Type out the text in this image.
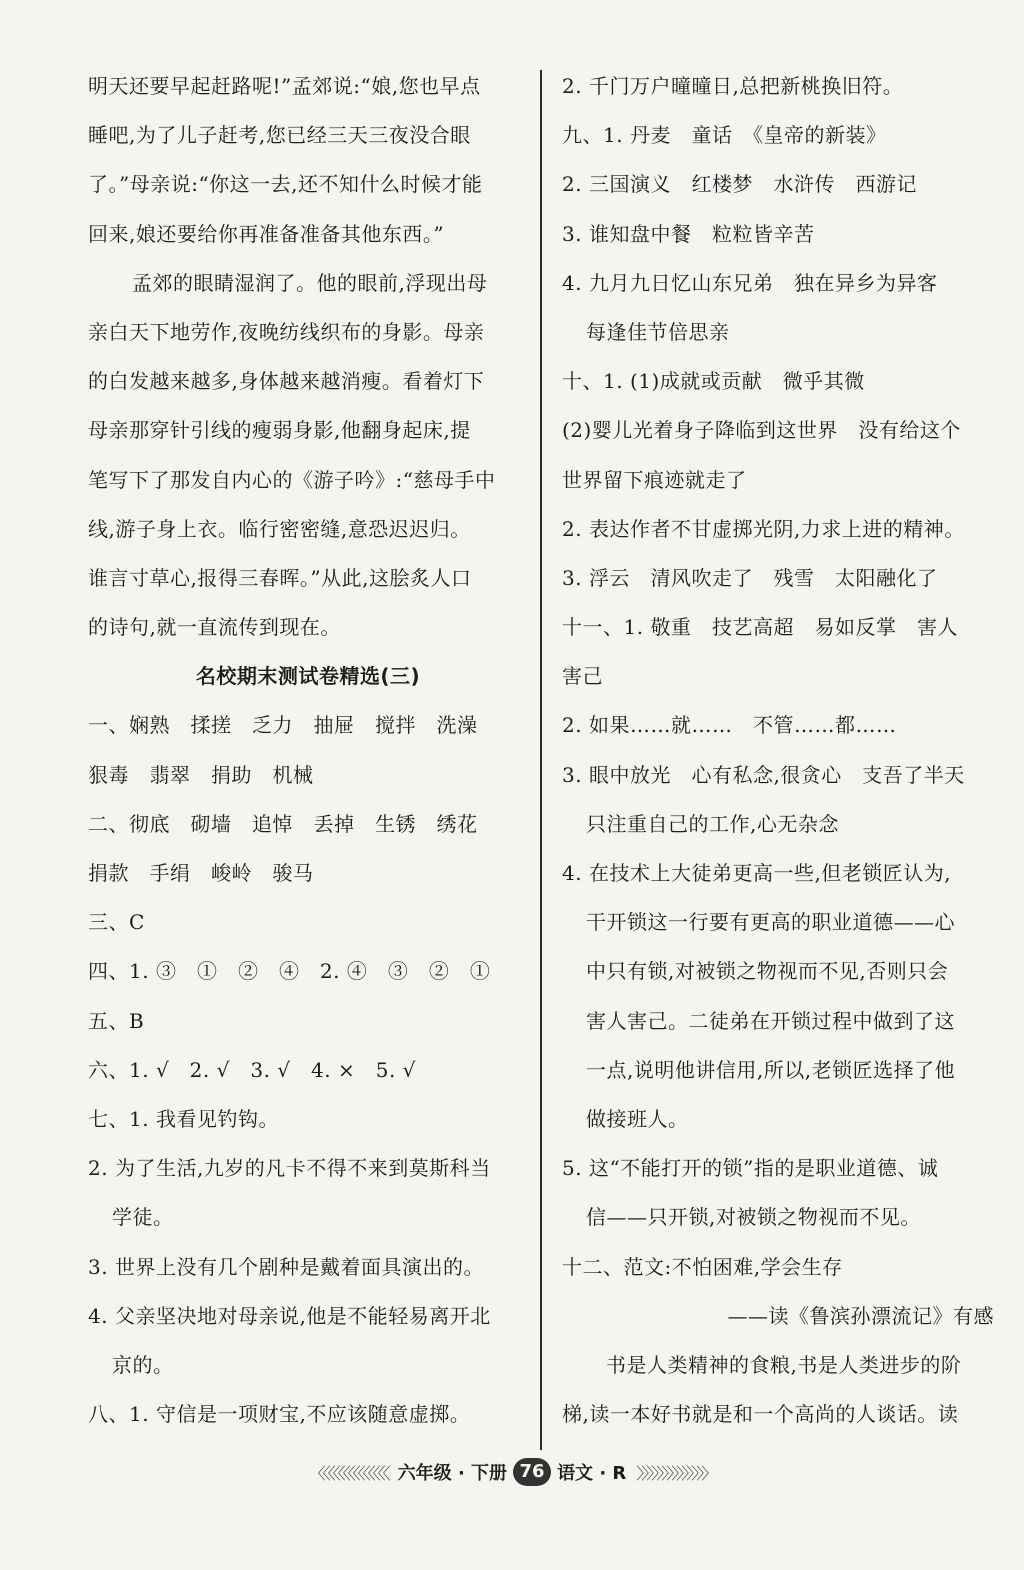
明天还要早起赶路呢!”孟郊说:“娘,您也早点
睡吧,为了儿子赶考,您已经三天三夜没合眼
了。”母亲说:“你这一去,还不知什么时候才能
回来,娘还要给你再准备准备其他东西。”
孟郊的眼睛湿润了。他的眼前,浮现出母
亲白天下地劳作,夜晚纺线织布的身影。母亲
的白发越来越多,身体越来越消瘦。看着灯下
母亲那穿针引线的瘦弱身影,他翻身起床,提
笔写下了那发自内心的《游子吟》:“慈母手中
线,游子身上衣。临行密密缝,意恐迟迟归。
谁言寸草心,报得三春晖。”从此,这脍炙人口
的诗句,就一直流传到现在。
名校期末测试卷精选(三)
一、娴熟　揉搓　乏力　抽屉　搅拌　洗澡
狠毒　翡翠　捐助　机械
二、彻底　砌墙　追悼　丢掉　生锈　绣花
捐款　手绢　峻岭　骏马
三、C
四、1. ③　①　②　④　2. ④　③　②　①
五、B
六、1. √　2. √　3. √　4. ×　5. √
七、1. 我看见钓钩。
2. 为了生活,九岁的凡卡不得不来到莫斯科当
学徒。
3. 世界上没有几个剧种是戴着面具演出的。
4. 父亲坚决地对母亲说,他是不能轻易离开北
京的。
八、1. 守信是一项财宝,不应该随意虚掷。
2. 千门万户曈曈日,总把新桃换旧符。
九、1. 丹麦　童话　《皇帝的新装》
2. 三国演义　红楼梦　水浒传　西游记
3. 谁知盘中餐　粒粒皆辛苦
4. 九月九日忆山东兄弟　独在异乡为异客
每逢佳节倍思亲
十、1. (1)成就或贡献　微乎其微
(2)婴儿光着身子降临到这世界　没有给这个
世界留下痕迹就走了
2. 表达作者不甘虚掷光阴,力求上进的精神。
3. 浮云　清风吹走了　残雪　太阳融化了
十一、1. 敬重　技艺高超　易如反掌　害人
害己
2. 如果……就……　不管……都……
3. 眼中放光　心有私念,很贪心　支吾了半天
只注重自己的工作,心无杂念
4. 在技术上大徒弟更高一些,但老锁匠认为,
干开锁这一行要有更高的职业道德——心
中只有锁,对被锁之物视而不见,否则只会
害人害己。二徒弟在开锁过程中做到了这
一点,说明他讲信用,所以,老锁匠选择了他
做接班人。
5. 这“不能打开的锁”指的是职业道德、诚
信——只开锁,对被锁之物视而不见。
十二、范文:不怕困难,学会生存
——读《鲁滨孙漂流记》有感
书是人类精神的食粮,书是人类进步的阶
梯,读一本好书就是和一个高尚的人谈话。读
〈〈〈〈〈〈〈〈〈〈〈〈〈〈 六年级 · 下册 76 语文 · R 〉〉〉〉〉〉〉〉〉〉〉〉〉〉
